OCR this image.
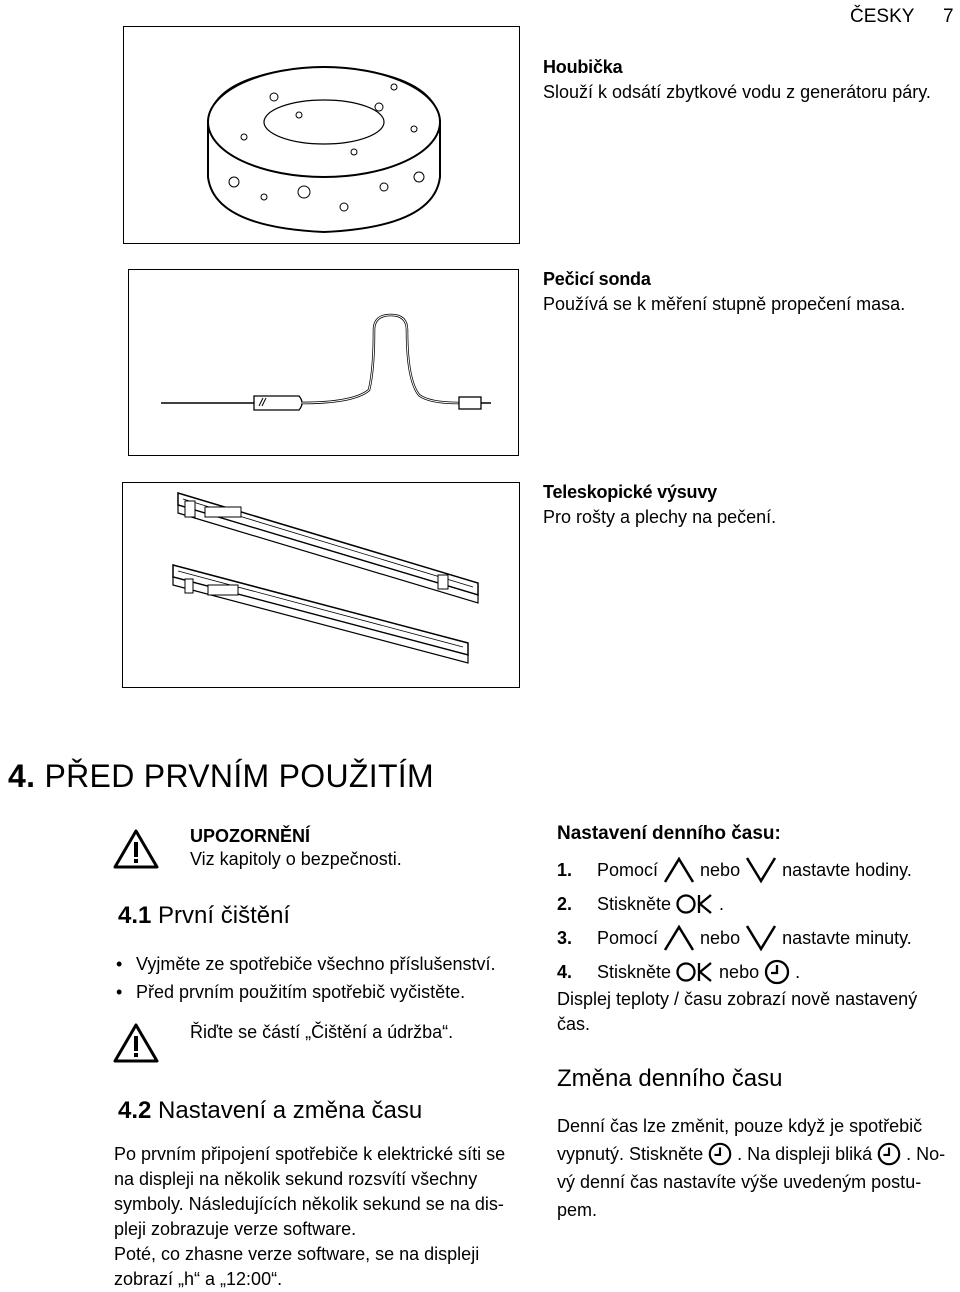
ČESKY 7
Houbička
Slouží k odsátí zbytkové vodu z generátoru páry.
Pečicí sonda
Používá se k měření stupně propečení masa.
Teleskopické výsuvy
Pro rošty a plechy na pečení.
4. PŘED PRVNÍM POUŽITÍM
UPOZORNĚNÍ
Viz kapitoly o bezpečnosti.
4.1 První čištění
• Vyjměte ze spotřebiče všechno příslušenství.
• Před prvním použitím spotřebič vyčistěte.
Řiďte se částí „Čištění a údržba“.
4.2 Nastavení a změna času
Po prvním připojení spotřebiče k elektrické síti se
na displeji na několik sekund rozsvítí všechny
symboly. Následujících několik sekund se na dis-
pleji zobrazuje verze software.
Poté, co zhasne verze software, se na displeji
zobrazí „h“ a „12:00“.
Nastavení denního času:
1.	Pomocí nebo nastavte hodiny.
2.	Stiskněte	.
3.	Pomocí nebo nastavte minuty.
4.	Stiskněte	nebo .
Displej teploty / času zobrazí nově nastavený
čas.
Změna denního času
Denní čas lze změnit, pouze když je spotřebič
vypnutý. Stiskněte . Na displeji bliká . No-
vý denní čas nastavíte výše uvedeným postu-
pem.
